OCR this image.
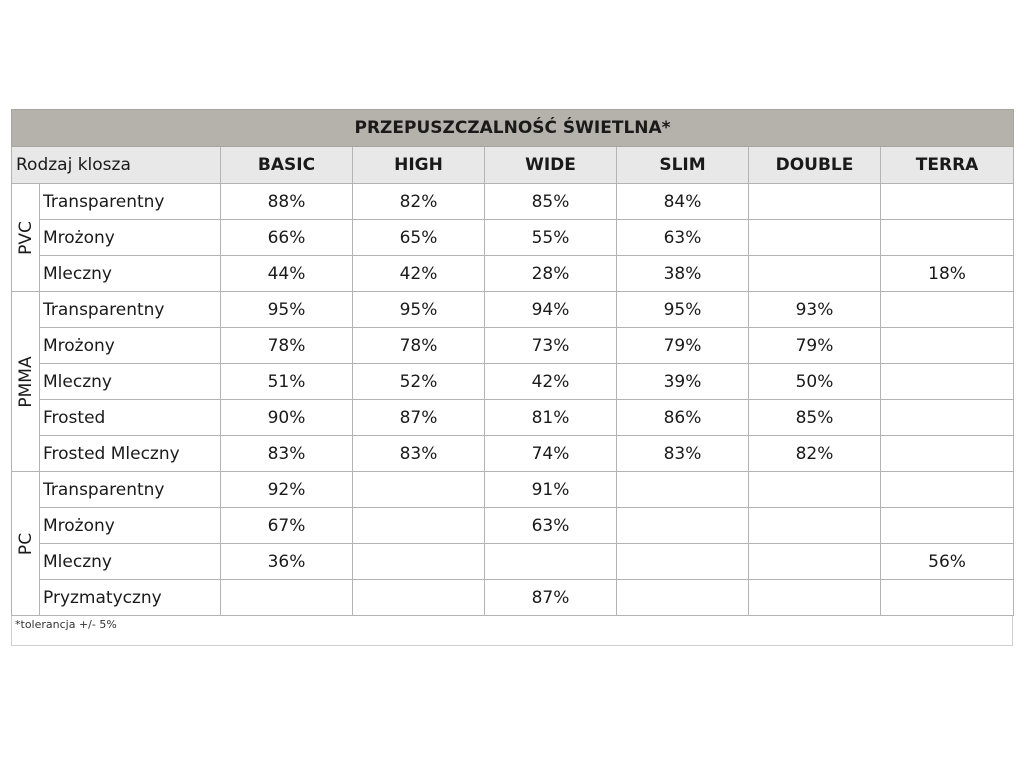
PRZEPUSZCZALNOŚĆ ŚWIETLNA*							
Rodzaj klosza		BASIC	HIGH	WIDE	SLIM	DOUBLE	TERRA

PVC	Transparentny	88%	82%	85%	84%		
	Mrożony	66%	65%	55%	63%		
	Mleczny	44%	42%	28%	38%		18%

PMMA	Transparentny	95%	95%	94%	95%	93%	
	Mrożony	78%	78%	73%	79%	79%	
	Mleczny	51%	52%	42%	39%	50%	
	Frosted	90%	87%	81%	86%	85%	
	Frosted Mleczny	83%	83%	74%	83%	82%	

PC	Transparentny	92%		91%			
	Mrożony	67%		63%			
	Mleczny	36%					56%
	Pryzmatyczny			87%			
*tolerancja +/- 5%
